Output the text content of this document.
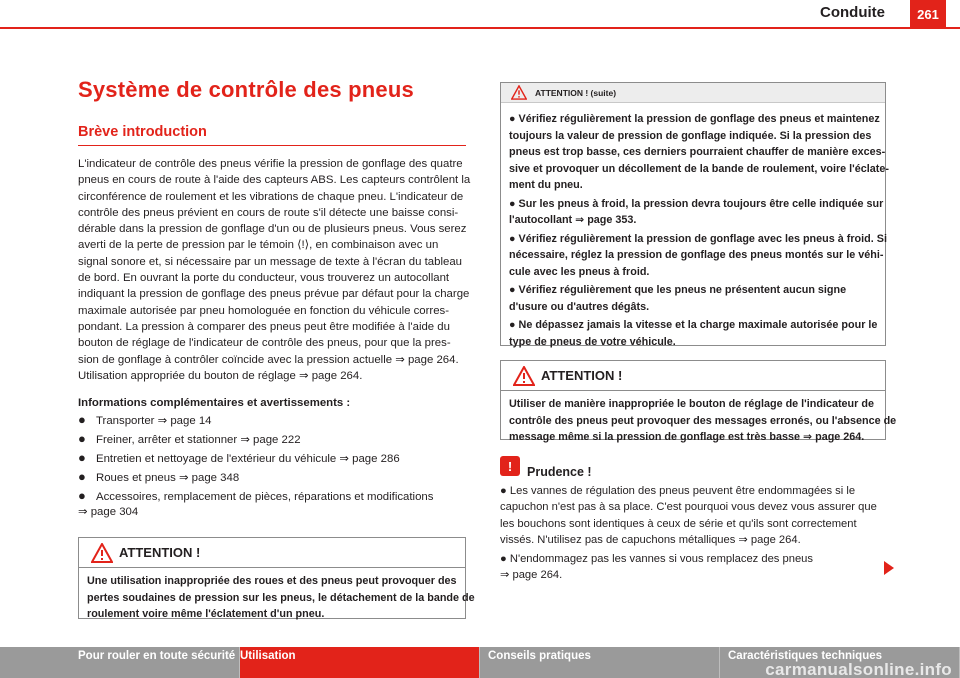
Conduite	261
Système de contrôle des pneus
Brève introduction
L'indicateur de contrôle des pneus vérifie la pression de gonflage des quatre
pneus en cours de route à l'aide des capteurs ABS. Les capteurs contrôlent la
circonférence de roulement et les vibrations de chaque pneu. L'indicateur de
contrôle des pneus prévient en cours de route s'il détecte une baisse consi-
dérable dans la pression de gonflage d'un ou de plusieurs pneus. Vous serez
averti de la perte de pression par le témoin ⟨!⟩, en combinaison avec un
signal sonore et, si nécessaire par un message de texte à l'écran du tableau
de bord. En ouvrant la porte du conducteur, vous trouverez un autocollant
indiquant la pression de gonflage des pneus prévue par défaut pour la charge
maximale autorisée par pneu homologuée en fonction du véhicule corres-
pondant. La pression à comparer des pneus peut être modifiée à l'aide du
bouton de réglage de l'indicateur de contrôle des pneus, pour que la pres-
sion de gonflage à contrôler coïncide avec la pression actuelle ⇒ page 264.
Utilisation appropriée du bouton de réglage ⇒ page 264.
Informations complémentaires et avertissements :
● Transporter ⇒ page 14
● Freiner, arrêter et stationner ⇒ page 222
● Entretien et nettoyage de l'extérieur du véhicule ⇒ page 286
● Roues et pneus ⇒ page 348
● Accessoires, remplacement de pièces, réparations et modifications
⇒ page 304
ATTENTION !
Une utilisation inappropriée des roues et des pneus peut provoquer des
pertes soudaines de pression sur les pneus, le détachement de la bande de
roulement voire même l'éclatement d'un pneu.
ATTENTION ! (suite)
● Vérifiez régulièrement la pression de gonflage des pneus et maintenez
toujours la valeur de pression de gonflage indiquée. Si la pression des
pneus est trop basse, ces derniers pourraient chauffer de manière exces-
sive et provoquer un décollement de la bande de roulement, voire l'éclate-
ment du pneu.
● Sur les pneus à froid, la pression devra toujours être celle indiquée sur
l'autocollant ⇒ page 353.
● Vérifiez régulièrement la pression de gonflage avec les pneus à froid. Si
nécessaire, réglez la pression de gonflage des pneus montés sur le véhi-
cule avec les pneus à froid.
● Vérifiez régulièrement que les pneus ne présentent aucun signe
d'usure ou d'autres dégâts.
● Ne dépassez jamais la vitesse et la charge maximale autorisée pour le
type de pneus de votre véhicule.
ATTENTION !
Utiliser de manière inappropriée le bouton de réglage de l'indicateur de
contrôle des pneus peut provoquer des messages erronés, ou l'absence de
message même si la pression de gonflage est très basse ⇒ page 264.
!	Prudence !
● Les vannes de régulation des pneus peuvent être endommagées si le
capuchon n'est pas à sa place. C'est pourquoi vous devez vous assurer que
les bouchons sont identiques à ceux de série et qu'ils sont correctement
vissés. N'utilisez pas de capuchons métalliques ⇒ page 264.
● N'endommagez pas les vannes si vous remplacez des pneus
⇒ page 264.
Pour rouler en toute sécurité Utilisation	Conseils pratiques	Caractéristiques techniques
carmanualsonline.info
